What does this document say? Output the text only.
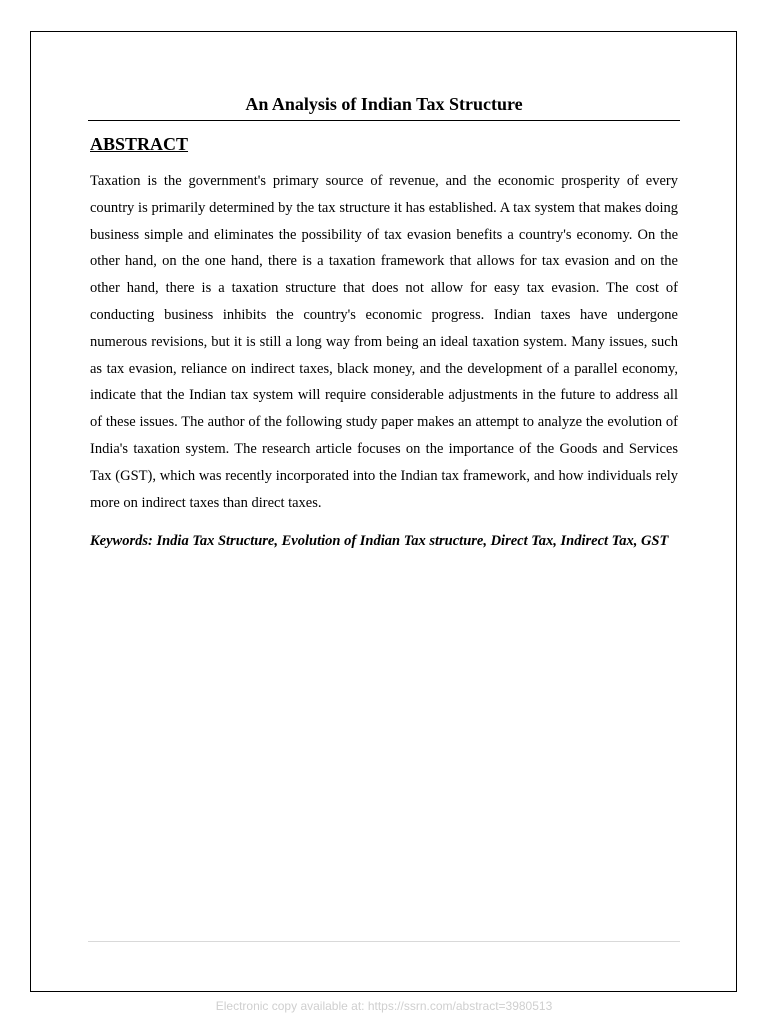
An Analysis of Indian Tax Structure
ABSTRACT

Taxation is the government's primary source of revenue, and the economic prosperity of every country is primarily determined by the tax structure it has established. A tax system that makes doing business simple and eliminates the possibility of tax evasion benefits a country's economy. On the other hand, on the one hand, there is a taxation framework that allows for tax evasion and on the other hand, there is a taxation structure that does not allow for easy tax evasion. The cost of conducting business inhibits the country's economic progress. Indian taxes have undergone numerous revisions, but it is still a long way from being an ideal taxation system. Many issues, such as tax evasion, reliance on indirect taxes, black money, and the development of a parallel economy, indicate that the Indian tax system will require considerable adjustments in the future to address all of these issues. The author of the following study paper makes an attempt to analyze the evolution of India's taxation system. The research article focuses on the importance of the Goods and Services Tax (GST), which was recently incorporated into the Indian tax framework, and how individuals rely more on indirect taxes than direct taxes.

Keywords: India Tax Structure, Evolution of Indian Tax structure, Direct Tax, Indirect Tax, GST

Electronic copy available at: https://ssrn.com/abstract=3980513
